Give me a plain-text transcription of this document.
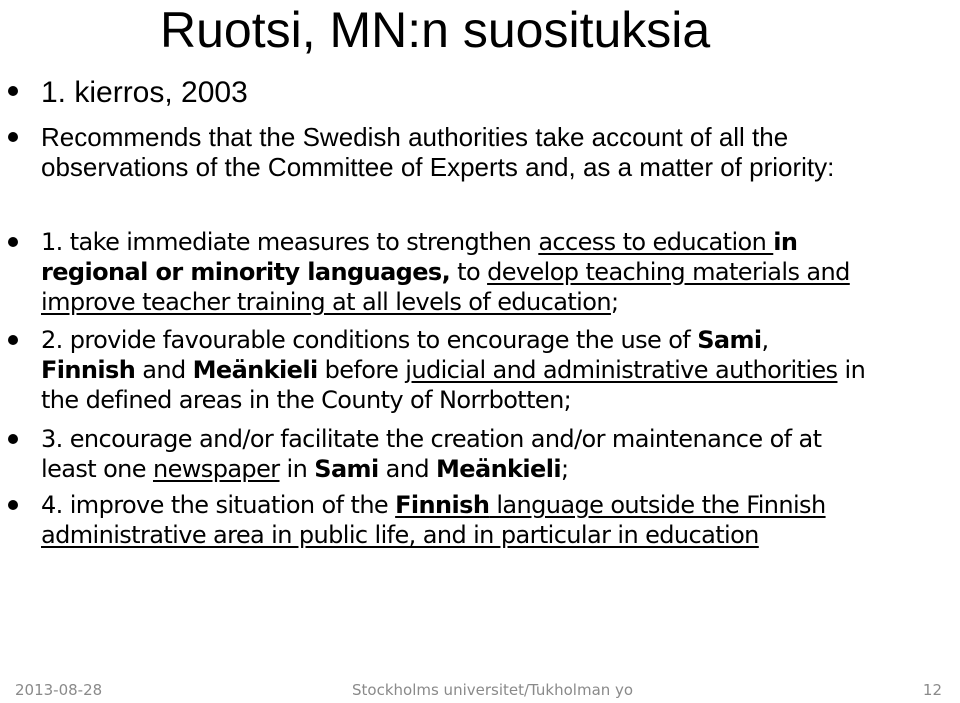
Ruotsi, MN:n suosituksia
1. kierros, 2003
Recommends that the Swedish authorities take account of all the
observations of the Committee of Experts and, as a matter of priority:
1. take immediate measures to strengthen access to education in
regional or minority languages, to develop teaching materials and
improve teacher training at all levels of education;
2. provide favourable conditions to encourage the use of Sami,
Finnish and Meänkieli before judicial and administrative authorities in
the defined areas in the County of Norrbotten;
3. encourage and/or facilitate the creation and/or maintenance of at
least one newspaper in Sami and Meänkieli;
4. improve the situation of the Finnish language outside the Finnish
administrative area in public life, and in particular in education
2013-08-28	Stockholms universitet/Tukholman yo	12
